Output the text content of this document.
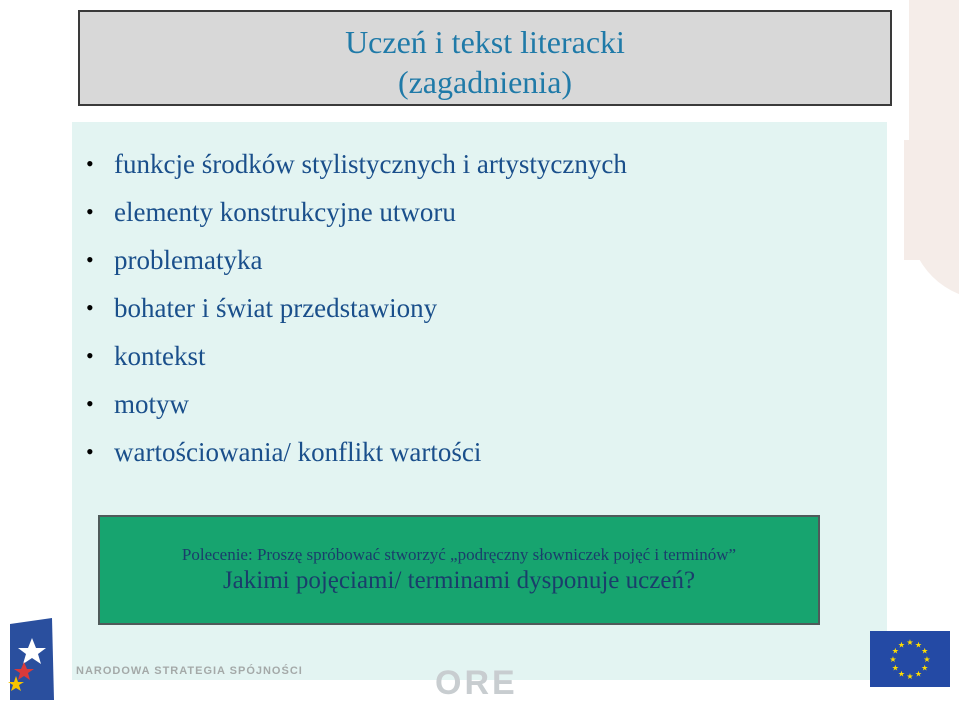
Uczeń i tekst literacki
(zagadnienia)
• funkcje środków stylistycznych i artystycznych
• elementy konstrukcyjne utworu
• problematyka
• bohater i świat przedstawiony
• kontekst
• motyw
• wartościowania/ konflikt wartości
Polecenie: Proszę spróbować stworzyć „podręczny słowniczek pojęć i terminów”
Jakimi pojęciami/ terminami dysponuje uczeń?
NARODOWA STRATEGIA SPÓJNOŚCI	ORE
★ ★
★
★
★
★
★
★
★
★
★
★
